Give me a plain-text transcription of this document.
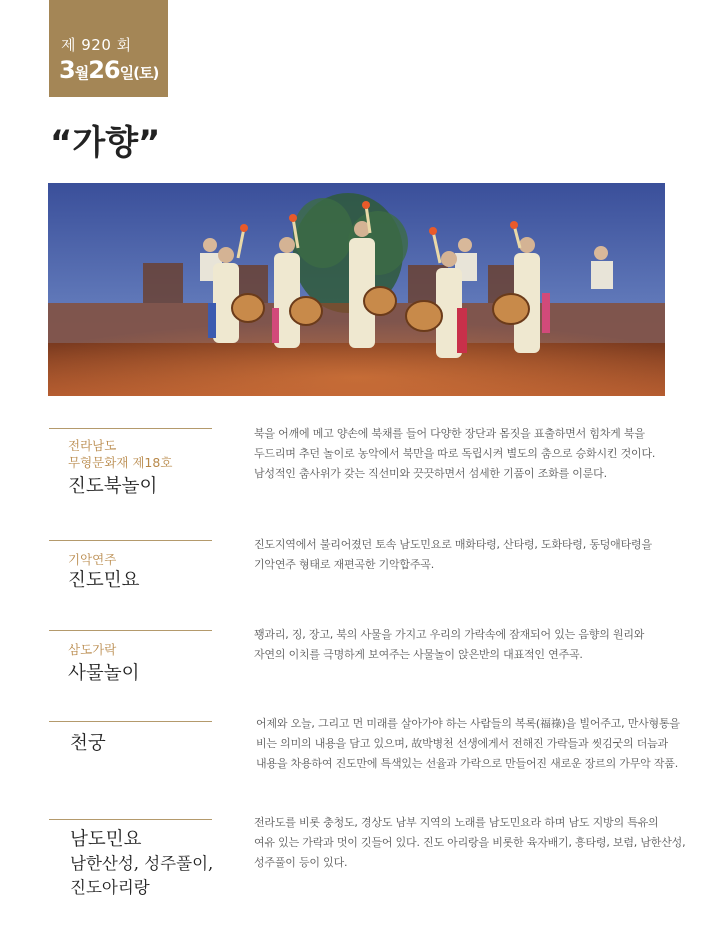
제 920 회
3월26일(토)
“가향”
전라남도
무형문화재 제18호
진도북놀이
북을 어깨에 메고 양손에 북채를 들어 다양한 장단과 몸짓을 표출하면서 힘차게 북을
두드리며 추던 놀이로 농악에서 북만을 따로 독립시켜 별도의 춤으로 승화시킨 것이다.
남성적인 춤사위가 갖는 직선미와 끗끗하면서 섬세한 기품이 조화를 이룬다.
기악연주
진도민요
진도지역에서 불리어졌던 토속 남도민요로 매화타령, 산타령, 도화타령, 동덩애타령을
기악연주 형태로 재편곡한 기악합주곡.
삼도가락
사물놀이
꽹과리, 징, 장고, 북의 사물을 가지고 우리의 가락속에 잠재되어 있는 음향의 원리와
자연의 이치를 극명하게 보여주는 사물놀이 앉은반의 대표적인 연주곡.
천궁
어제와 오늘, 그리고 먼 미래를 살아가야 하는 사람들의 복록(福祿)을 빌어주고, 만사형통을
비는 의미의 내용을 담고 있으며, 故박병천 선생에게서 전해진 가락들과 씻김굿의 더늠과
내용을 차용하여 진도만에 특색있는 선율과 가락으로 만들어진 새로운 장르의 가무악 작품.
남도민요
남한산성, 성주풀이,
진도아리랑
전라도를 비롯 충청도, 경상도 남부 지역의 노래를 남도민요라 하며 남도 지방의 특유의
여유 있는 가락과 멋이 깃들어 있다. 진도 아리랑을 비롯한 육자배기, 흥타령, 보렴, 남한산성,
성주풀이 등이 있다.
